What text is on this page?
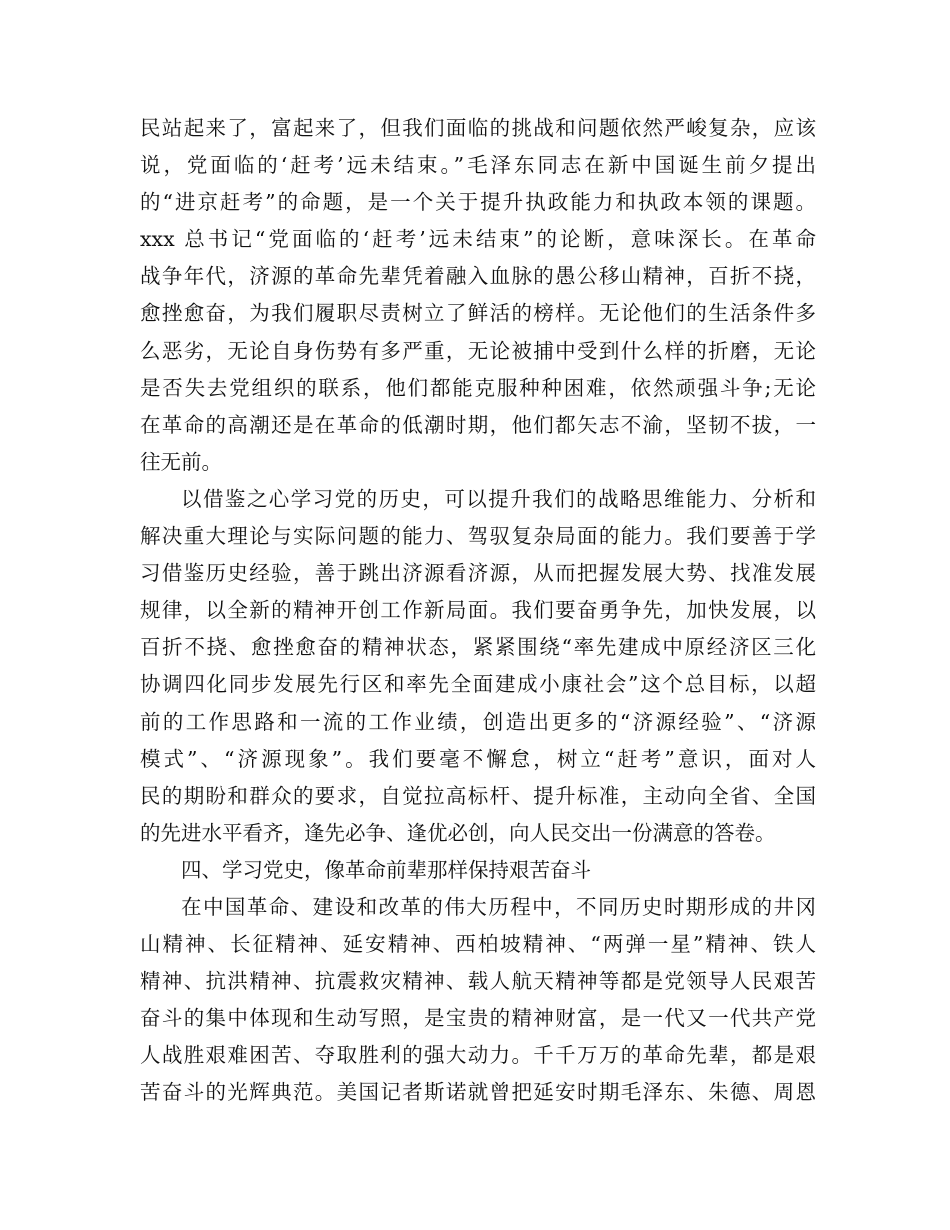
民站起来了，富起来了，但我们面临的挑战和问题依然严峻复杂，应该
说，党面临的‘赶考’远未结束。”毛泽东同志在新中国诞生前夕提出
的“进京赶考”的命题，是一个关于提升执政能力和执政本领的课题。
xxx 总书记“党面临的‘赶考’远未结束”的论断，意味深长。在革命
战争年代，济源的革命先辈凭着融入血脉的愚公移山精神，百折不挠，
愈挫愈奋，为我们履职尽责树立了鲜活的榜样。无论他们的生活条件多
么恶劣，无论自身伤势有多严重，无论被捕中受到什么样的折磨，无论
是否失去党组织的联系，他们都能克服种种困难，依然顽强斗争;无论
在革命的高潮还是在革命的低潮时期，他们都矢志不渝，坚韧不拔，一
往无前。
以借鉴之心学习党的历史，可以提升我们的战略思维能力、分析和
解决重大理论与实际问题的能力、驾驭复杂局面的能力。我们要善于学
习借鉴历史经验，善于跳出济源看济源，从而把握发展大势、找准发展
规律，以全新的精神开创工作新局面。我们要奋勇争先，加快发展，以
百折不挠、愈挫愈奋的精神状态，紧紧围绕“率先建成中原经济区三化
协调四化同步发展先行区和率先全面建成小康社会”这个总目标，以超
前的工作思路和一流的工作业绩，创造出更多的“济源经验”、“济源
模式”、“济源现象”。我们要毫不懈怠，树立“赶考”意识，面对人
民的期盼和群众的要求，自觉拉高标杆、提升标准，主动向全省、全国
的先进水平看齐，逢先必争、逢优必创，向人民交出一份满意的答卷。
四、学习党史，像革命前辈那样保持艰苦奋斗
在中国革命、建设和改革的伟大历程中，不同历史时期形成的井冈
山精神、长征精神、延安精神、西柏坡精神、“两弹一星”精神、铁人
精神、抗洪精神、抗震救灾精神、载人航天精神等都是党领导人民艰苦
奋斗的集中体现和生动写照，是宝贵的精神财富，是一代又一代共产党
人战胜艰难困苦、夺取胜利的强大动力。千千万万的革命先辈，都是艰
苦奋斗的光辉典范。美国记者斯诺就曾把延安时期毛泽东、朱德、周恩
